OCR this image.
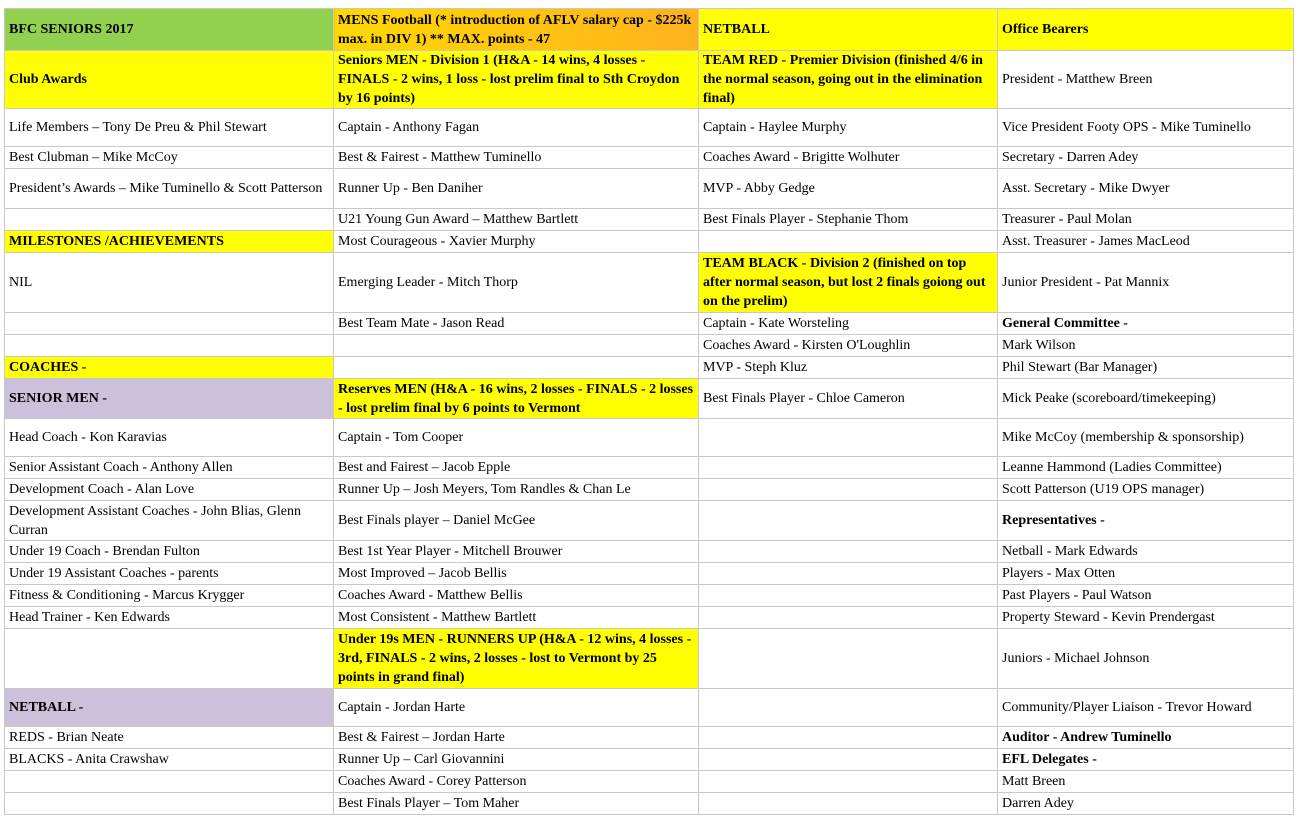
BFC SENIORS 2017	MENS Football (* introduction of AFLV salary cap - $225k max. in DIV 1) ** MAX. points - 47	NETBALL	Office Bearers
Club Awards	Seniors MEN - Division 1 (H&A - 14 wins, 4 losses - FINALS - 2 wins, 1 loss - lost prelim final to Sth Croydon by 16 points)	TEAM RED - Premier Division (finished 4/6 in the normal season, going out in the elimination final)	President - Matthew Breen
Life Members – Tony De Preu & Phil Stewart	Captain - Anthony Fagan	Captain - Haylee Murphy	Vice President Footy OPS - Mike Tuminello
Best Clubman – Mike McCoy	Best & Fairest - Matthew Tuminello	Coaches Award - Brigitte Wolhuter	Secretary - Darren Adey
President’s Awards – Mike Tuminello & Scott Patterson	Runner Up - Ben Daniher	MVP - Abby Gedge	Asst. Secretary - Mike Dwyer
	U21 Young Gun Award – Matthew Bartlett	Best Finals Player - Stephanie Thom	Treasurer - Paul Molan
MILESTONES /ACHIEVEMENTS	Most Courageous - Xavier Murphy		Asst. Treasurer - James MacLeod
NIL	Emerging Leader - Mitch Thorp	TEAM BLACK - Division 2 (finished on top after normal season, but lost 2 finals goiong out on the prelim)	Junior President - Pat Mannix
	Best Team Mate - Jason Read	Captain - Kate Worsteling	General Committee -
		Coaches Award - Kirsten O'Loughlin	Mark Wilson
COACHES -		MVP - Steph Kluz	Phil Stewart (Bar Manager)
SENIOR MEN -	Reserves MEN (H&A - 16 wins, 2 losses - FINALS - 2 losses - lost prelim final by 6 points to Vermont	Best Finals Player - Chloe Cameron	Mick Peake (scoreboard/timekeeping)
Head Coach - Kon Karavias	Captain - Tom Cooper		Mike McCoy (membership & sponsorship)
Senior Assistant Coach - Anthony Allen	Best and Fairest – Jacob Epple		Leanne Hammond (Ladies Committee)
Development Coach - Alan Love	Runner Up – Josh Meyers, Tom Randles & Chan Le		Scott Patterson (U19 OPS manager)
Development Assistant Coaches - John Blias, Glenn Curran	Best Finals player – Daniel McGee		Representatives -
Under 19 Coach - Brendan Fulton	Best 1st Year Player - Mitchell Brouwer		Netball - Mark Edwards
Under 19 Assistant Coaches - parents	Most Improved – Jacob Bellis		Players - Max Otten
Fitness & Conditioning - Marcus Krygger	Coaches Award - Matthew Bellis		Past Players - Paul Watson
Head Trainer - Ken Edwards	Most Consistent - Matthew Bartlett		Property Steward - Kevin Prendergast
	Under 19s MEN - RUNNERS UP (H&A - 12 wins, 4 losses - 3rd, FINALS - 2 wins, 2 losses - lost to Vermont by 25 points in grand final)		Juniors - Michael Johnson
NETBALL -	Captain - Jordan Harte		Community/Player Liaison - Trevor Howard
REDS - Brian Neate	Best & Fairest – Jordan Harte		Auditor - Andrew Tuminello
BLACKS - Anita Crawshaw	Runner Up – Carl Giovannini		EFL Delegates -
	Coaches Award - Corey Patterson		Matt Breen
	Best Finals Player – Tom Maher		Darren Adey
